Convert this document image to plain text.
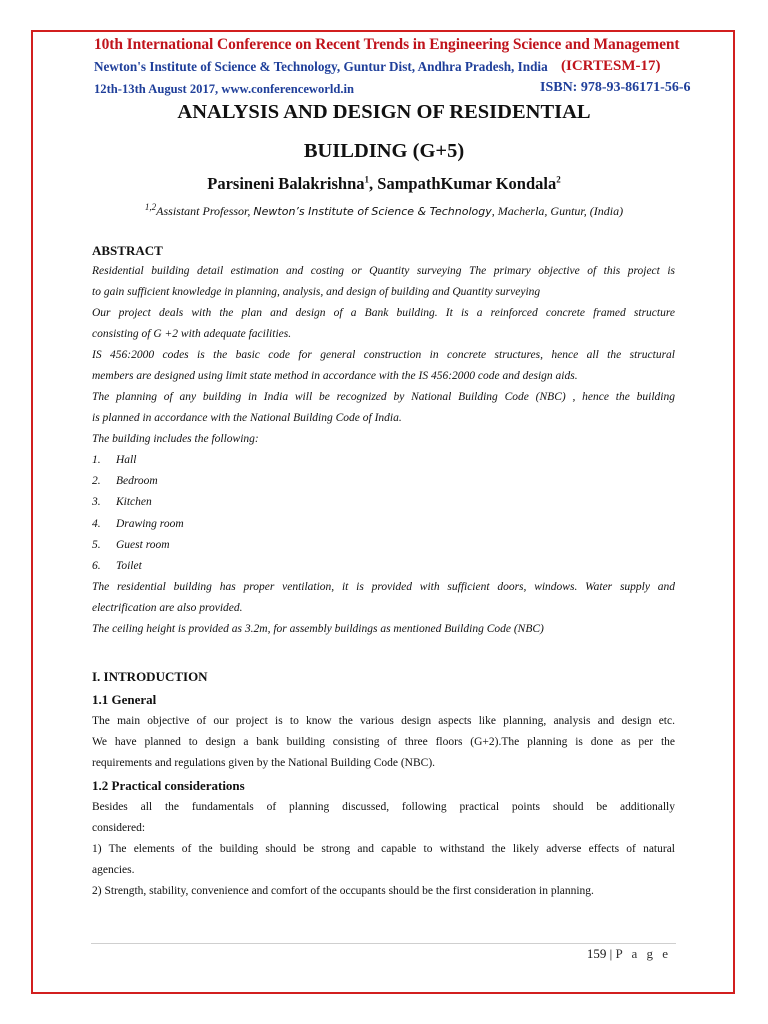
10th International Conference on Recent Trends in Engineering Science and Management
Newton's Institute of Science & Technology, Guntur Dist, Andhra Pradesh, India (ICRTESM-17)
12th-13th August 2017, www.conferenceworld.in	ISBN: 978-93-86171-56-6
ANALYSIS AND DESIGN OF RESIDENTIAL
BUILDING (G+5)
Parsineni Balakrishna$^1$, SampathKumar Kondala$^2$
$^{1,2}$Assistant Professor, Newton’s Institute of Science & Technology, Macherla, Guntur, (India)
ABSTRACT
Residential building detail estimation and costing or Quantity surveying The primary objective of this project is
to gain sufficient knowledge in planning, analysis, and design of building and Quantity surveying
Our project deals with the plan and design of a Bank building. It is a reinforced concrete framed structure
consisting of G +2 with adequate facilities.
IS 456:2000 codes is the basic code for general construction in concrete structures, hence all the structural
members are designed using limit state method in accordance with the IS 456:2000 code and design aids.
The planning of any building in India will be recognized by National Building Code (NBC) , hence the building
is planned in accordance with the National Building Code of India.
The building includes the following:
1. Hall
2. Bedroom
3. Kitchen
4. Drawing room
5. Guest room
6. Toilet
The residential building has proper ventilation, it is provided with sufficient doors, windows. Water supply and
electrification are also provided.
The ceiling height is provided as 3.2m, for assembly buildings as mentioned Building Code (NBC)
I. INTRODUCTION
1.1 General
The main objective of our project is to know the various design aspects like planning, analysis and design etc.
We have planned to design a bank building consisting of three floors (G+2).The planning is done as per the
requirements and regulations given by the National Building Code (NBC).
1.2 Practical considerations
Besides all the fundamentals of planning discussed, following practical points should be additionally
considered:
1) The elements of the building should be strong and capable to withstand the likely adverse effects of natural
agencies.
2) Strength, stability, convenience and comfort of the occupants should be the first consideration in planning.
159 | P a g e
